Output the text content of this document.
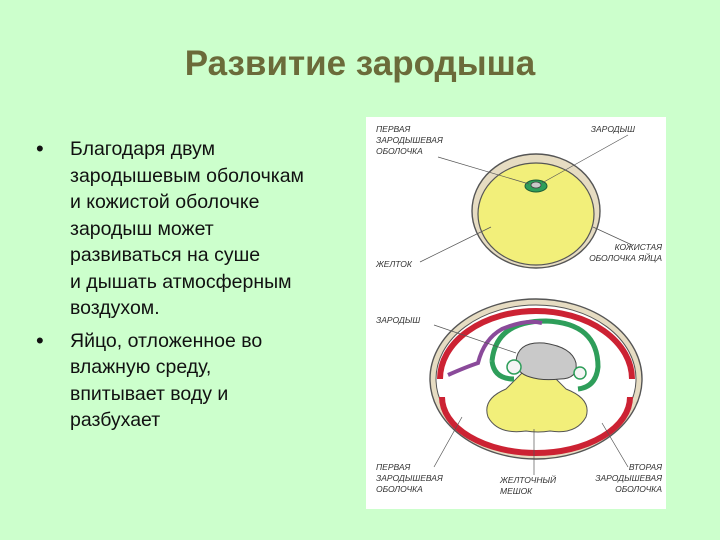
Развитие зародыша
•	Благодаря двум
зародышевым оболочкам
и кожистой оболочке
зародыш может
развиваться на суше
и дышать атмосферным
воздухом.
•	Яйцо, отложенное во
влажную среду,
впитывает воду и
разбухает
ПЕРВАЯ
ЗАРОДЫШЕВАЯ
ОБОЛОЧКА
ЗАРОДЫШ
ЖЕЛТОК
КОЖИСТАЯ
ОБОЛОЧКА ЯЙЦА
ЗАРОДЫШ
ПЕРВАЯ
ЗАРОДЫШЕВАЯ
ОБОЛОЧКА
ЖЕЛТОЧНЫЙ
МЕШОК
ВТОРАЯ
ЗАРОДЫШЕВАЯ
ОБОЛОЧКА
